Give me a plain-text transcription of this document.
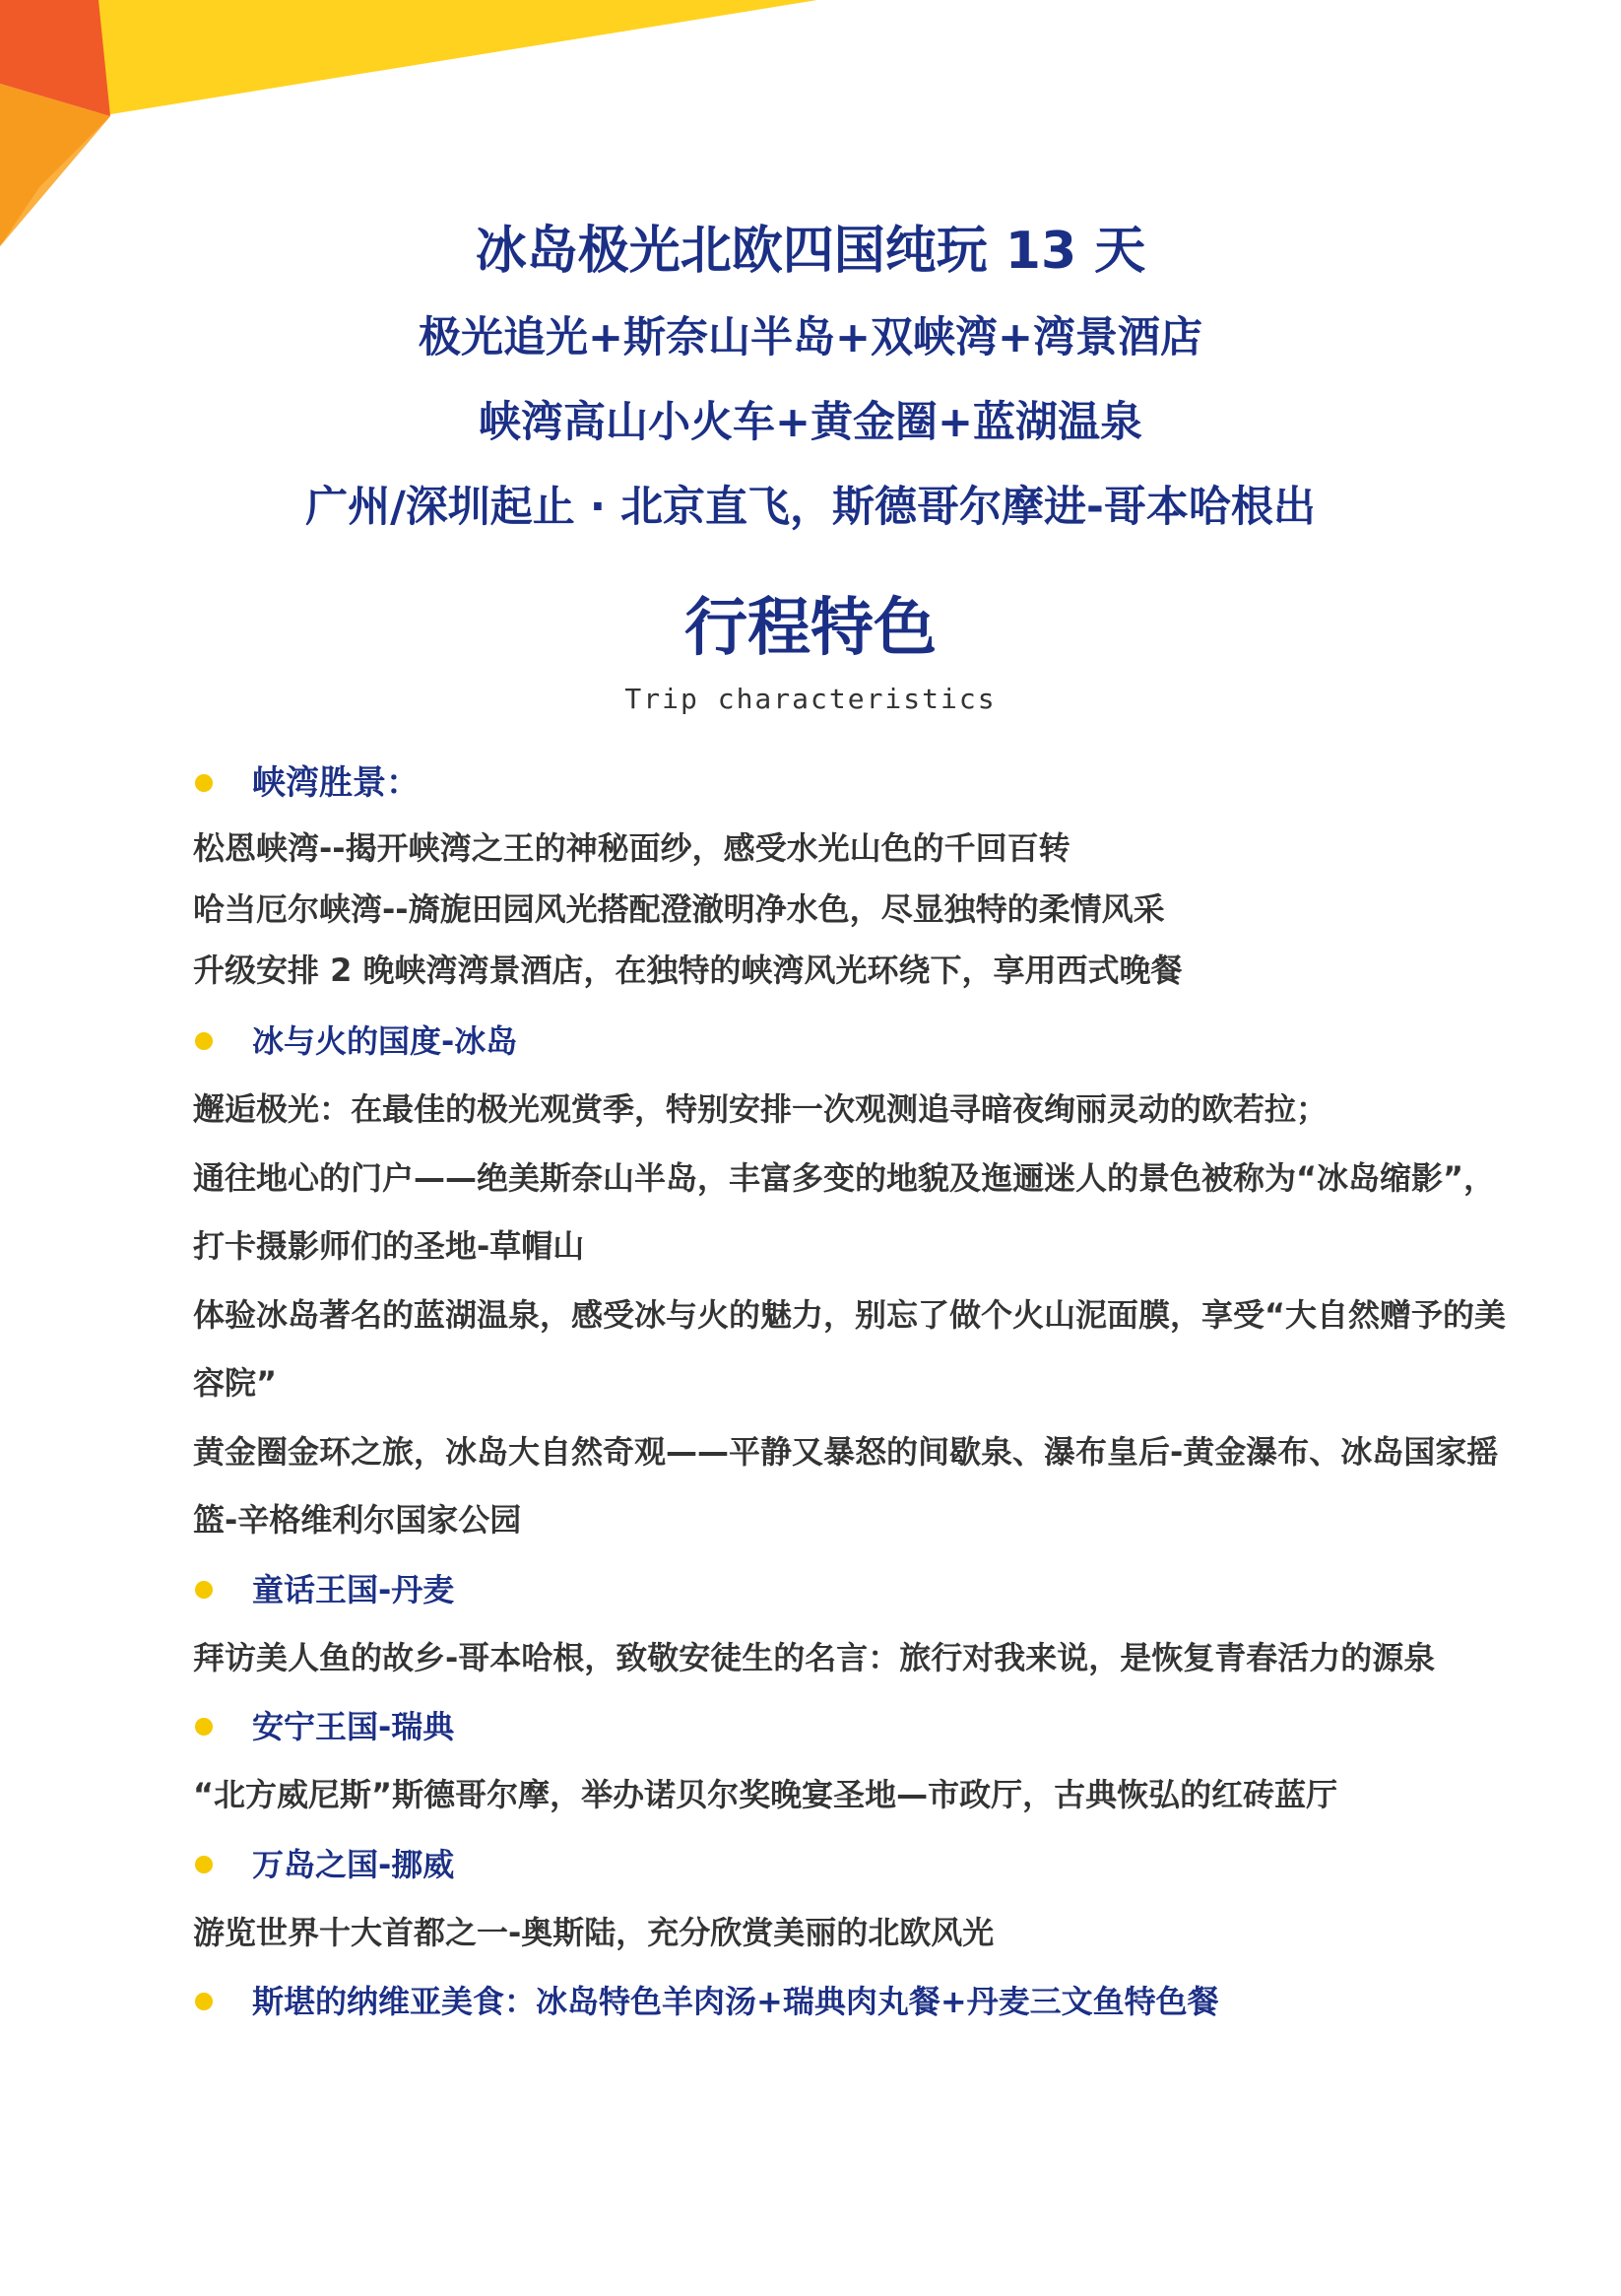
冰岛极光北欧四国纯玩 13 天
极光追光+斯奈山半岛+双峡湾+湾景酒店
峡湾高山小火车+黄金圈+蓝湖温泉
广州/深圳起止 · 北京直飞，斯德哥尔摩进-哥本哈根出
行程特色
Trip characteristics
峡湾胜景：
松恩峡湾--揭开峡湾之王的神秘面纱，感受水光山色的千回百转
哈当厄尔峡湾--旖旎田园风光搭配澄澈明净水色，尽显独特的柔情风采
升级安排 2 晚峡湾湾景酒店，在独特的峡湾风光环绕下，享用西式晚餐
冰与火的国度-冰岛
邂逅极光：在最佳的极光观赏季，特别安排一次观测追寻暗夜绚丽灵动的欧若拉；
通往地心的门户——绝美斯奈山半岛，丰富多变的地貌及迤逦迷人的景色被称为“冰岛缩影”，
打卡摄影师们的圣地-草帽山
体验冰岛著名的蓝湖温泉，感受冰与火的魅力，别忘了做个火山泥面膜，享受“大自然赠予的美
容院”
黄金圈金环之旅，冰岛大自然奇观——平静又暴怒的间歇泉、瀑布皇后-黄金瀑布、冰岛国家摇
篮-辛格维利尔国家公园
童话王国-丹麦
拜访美人鱼的故乡-哥本哈根，致敬安徒生的名言：旅行对我来说，是恢复青春活力的源泉
安宁王国-瑞典
“北方威尼斯”斯德哥尔摩，举办诺贝尔奖晚宴圣地—市政厅，古典恢弘的红砖蓝厅
万岛之国-挪威
游览世界十大首都之一-奥斯陆，充分欣赏美丽的北欧风光
斯堪的纳维亚美食：冰岛特色羊肉汤+瑞典肉丸餐+丹麦三文鱼特色餐
